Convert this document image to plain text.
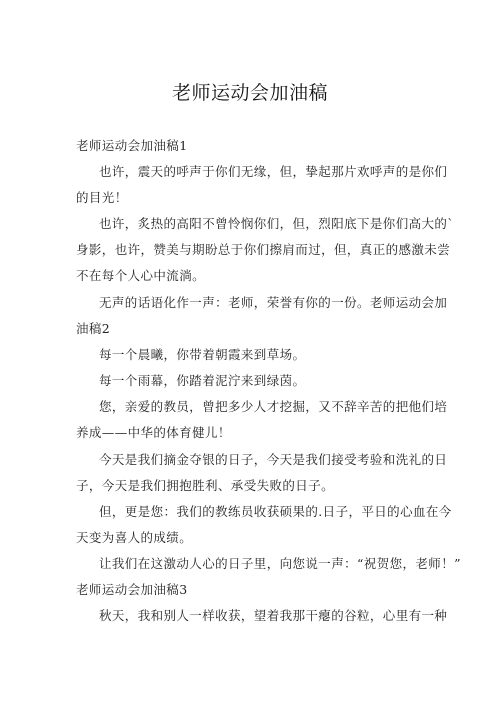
老师运动会加油稿
老师运动会加油稿1
也许，震天的呼声于你们无缘，但，挚起那片欢呼声的是你们
的目光！
也许，炙热的高阳不曾怜悯你们，但，烈阳底下是你们高大的`
身影，也许，赞美与期盼总于你们擦肩而过，但，真正的感激未尝
不在每个人心中流淌。
无声的话语化作一声：老师，荣誉有你的一份。老师运动会加
油稿2
每一个晨曦，你带着朝霞来到草场。
每一个雨幕，你踏着泥泞来到绿茵。
您，亲爱的教员，曾把多少人才挖掘，又不辞辛苦的把他们培
养成——中华的体育健儿！
今天是我们摘金夺银的日子，今天是我们接受考验和洗礼的日
子，今天是我们拥抱胜利、承受失败的日子。
但，更是您：我们的教练员收获硕果的.日子，平日的心血在今
天变为喜人的成绩。
让我们在这激动人心的日子里，向您说一声：“祝贺您，老师！”
老师运动会加油稿3
秋天，我和别人一样收获，望着我那干瘪的谷粒，心里有一种
